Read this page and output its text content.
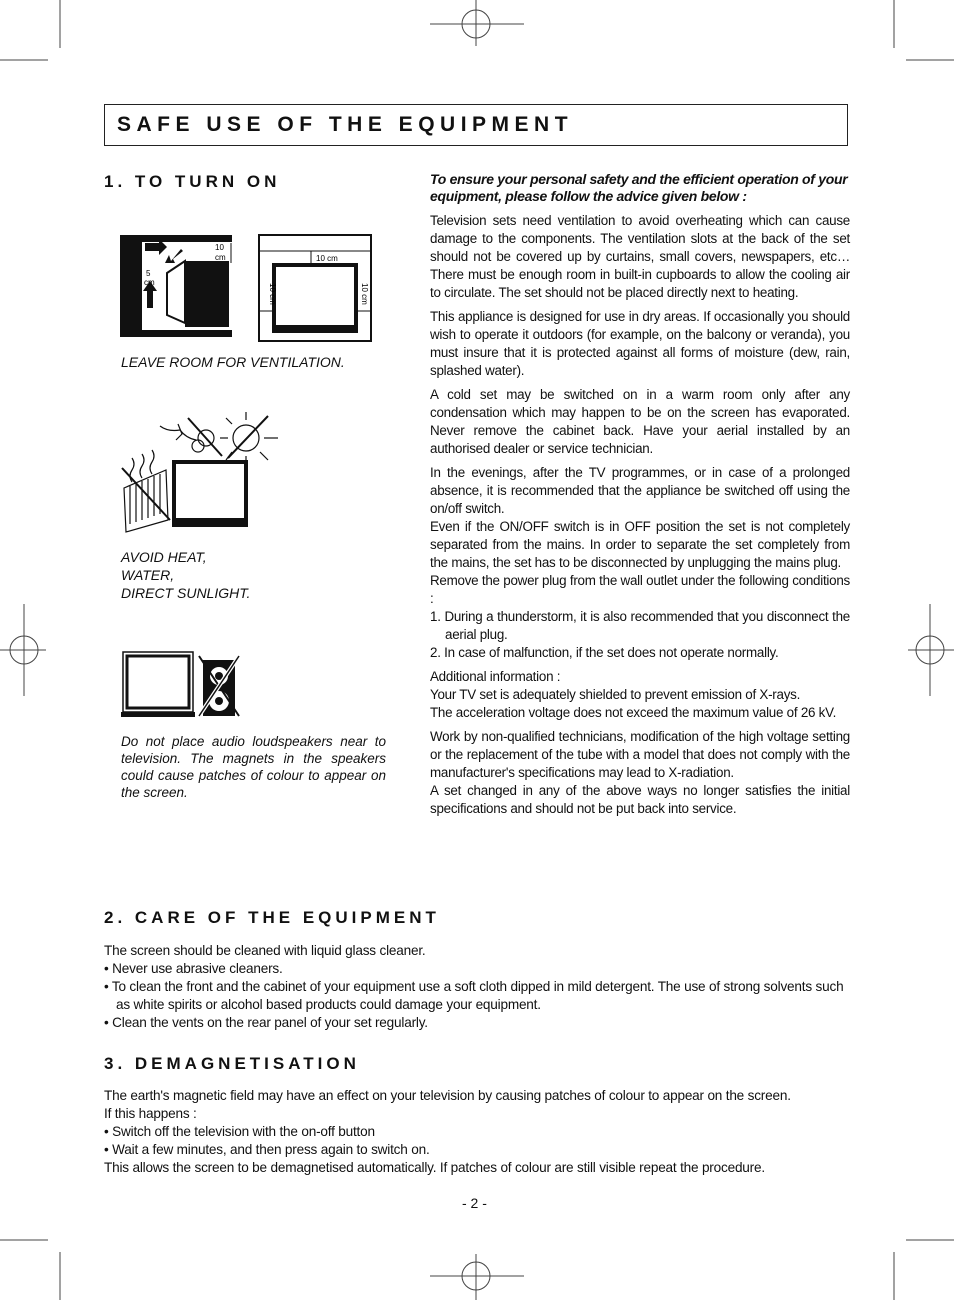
SAFE USE OF THE EQUIPMENT
1. TO TURN ON
10
cm
5
cm
10 cm
10 cm	10 cm
LEAVE ROOM FOR VENTILATION.
AVOID HEAT,
WATER,
DIRECT SUNLIGHT.
Do not place audio loudspeakers near to television. The magnets in the speakers could cause patches of colour to appear on the screen.
To ensure your personal safety and the efficient operation of your equipment, please follow the advice given below :

Television sets need ventilation to avoid overheating which can cause damage to the components. The ventilation slots at the back of the set should not be covered up by curtains, small covers, newspapers, etc… There must be enough room in built-in cupboards to allow the cooling air to circulate. The set should not be placed directly next to heating.

This appliance is designed for use in dry areas. If occasionally you should wish to operate it outdoors (for example, on the balcony or veranda), you must insure that it is protected against all forms of moisture (dew, rain, splashed water).

A cold set may be switched on in a warm room only after any condensation which may happen to be on the screen has evaporated. Never remove the cabinet back. Have your aerial installed by an authorised dealer or service technician.

In the evenings, after the TV programmes, or in case of a prolonged absence, it is recommended that the appliance be switched off using the on/off switch.
Even if the ON/OFF switch is in OFF position the set is not completely separated from the mains. In order to separate the set completely from the mains, the set has to be disconnected by unplugging the mains plug.
Remove the power plug from the wall outlet under the following conditions :
1. During a thunderstorm, it is also recommended that you disconnect the aerial plug.
2. In case of malfunction, if the set does not operate normally.

Additional information :
Your TV set is adequately shielded to prevent emission of X-rays.
The acceleration voltage does not exceed the maximum value of 26 kV.

Work by non-qualified technicians, modification of the high voltage setting or the replacement of the tube with a model that does not comply with the manufacturer's specifications may lead to X-radiation.
A set changed in any of the above ways no longer satisfies the initial specifications and should not be put back into service.

2. CARE OF THE EQUIPMENT
The screen should be cleaned with liquid glass cleaner.
• Never use abrasive cleaners.
• To clean the front and the cabinet of your equipment use a soft cloth dipped in mild detergent. The use of strong solvents such as white spirits or alcohol based products could damage your equipment.
• Clean the vents on the rear panel of your set regularly.
3. DEMAGNETISATION
The earth's magnetic field may have an effect on your television by causing patches of colour to appear on the screen.
If this happens :
• Switch off the television with the on-off button
• Wait a few minutes, and then press again to switch on.
This allows the screen to be demagnetised automatically. If patches of colour are still visible repeat the procedure.
- 2 -
